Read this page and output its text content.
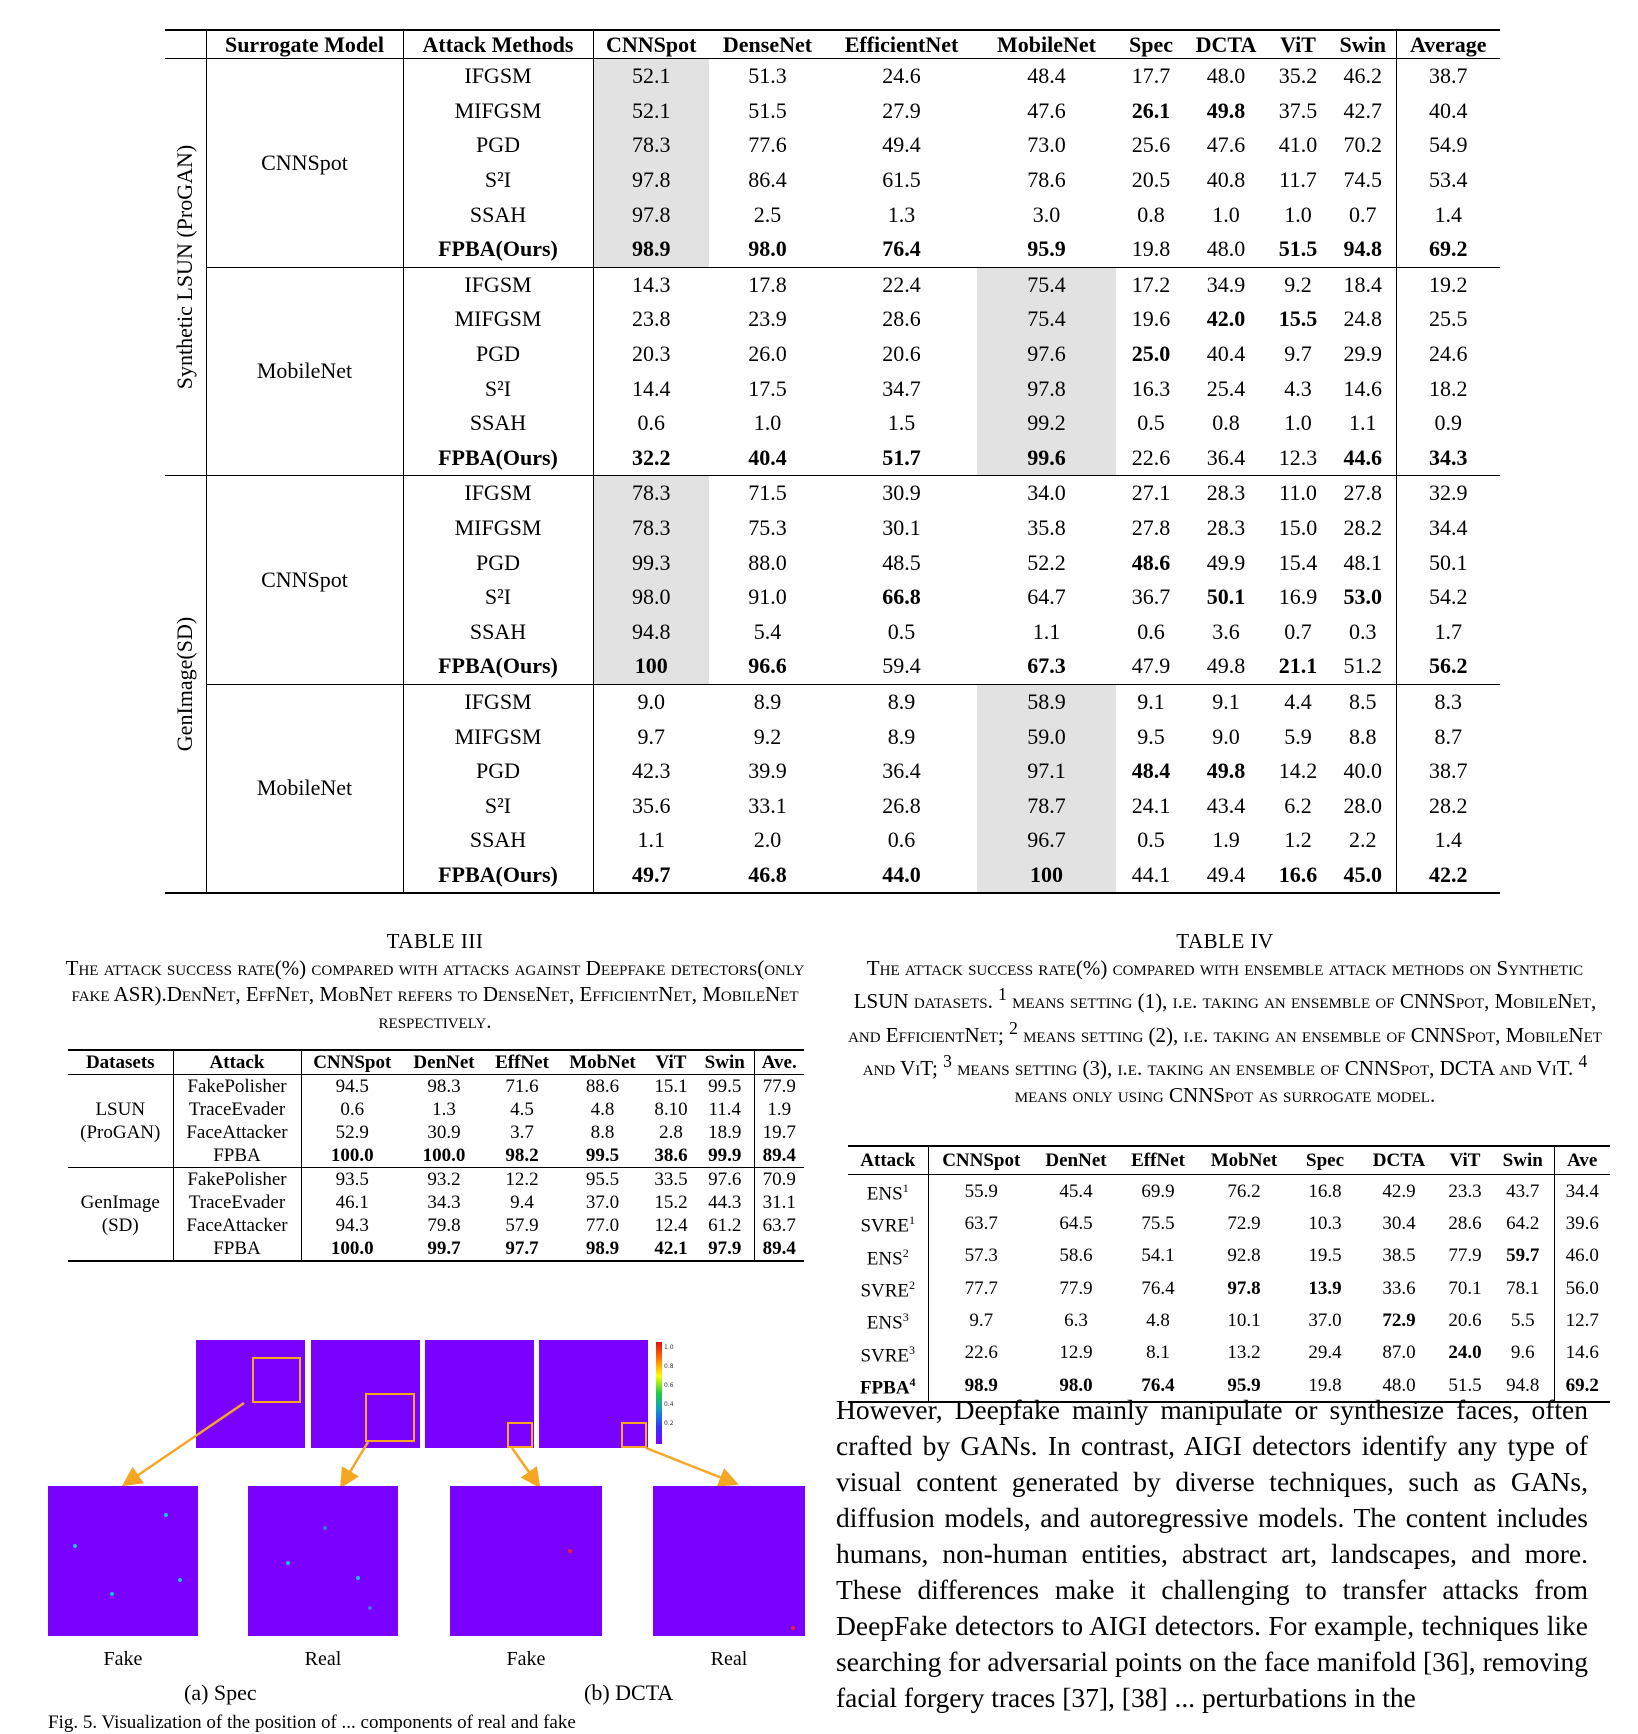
	Surrogate Model	Attack Methods	CNNSpot	DenseNet	EfficientNet	MobileNet	Spec	DCTA	ViT	Swin	Average

Synthetic LSUN (ProGAN)	CNNSpot	IFGSM	52.1	51.3	24.6	48.4	17.7	48.0	35.2	46.2	38.7
		MIFGSM	52.1	51.5	27.9	47.6	26.1	49.8	37.5	42.7	40.4
		PGD	78.3	77.6	49.4	73.0	25.6	47.6	41.0	70.2	54.9
		S²I	97.8	86.4	61.5	78.6	20.5	40.8	11.7	74.5	53.4
		SSAH	97.8	2.5	1.3	3.0	0.8	1.0	1.0	0.7	1.4
		FPBA(Ours)	98.9	98.0	76.4	95.9	19.8	48.0	51.5	94.8	69.2
	MobileNet	IFGSM	14.3	17.8	22.4	75.4	17.2	34.9	9.2	18.4	19.2
		MIFGSM	23.8	23.9	28.6	75.4	19.6	42.0	15.5	24.8	25.5
		PGD	20.3	26.0	20.6	97.6	25.0	40.4	9.7	29.9	24.6
		S²I	14.4	17.5	34.7	97.8	16.3	25.4	4.3	14.6	18.2
		SSAH	0.6	1.0	1.5	99.2	0.5	0.8	1.0	1.1	0.9
		FPBA(Ours)	32.2	40.4	51.7	99.6	22.6	36.4	12.3	44.6	34.3

GenImage(SD)	CNNSpot	IFGSM	78.3	71.5	30.9	34.0	27.1	28.3	11.0	27.8	32.9
		MIFGSM	78.3	75.3	30.1	35.8	27.8	28.3	15.0	28.2	34.4
		PGD	99.3	88.0	48.5	52.2	48.6	49.9	15.4	48.1	50.1
		S²I	98.0	91.0	66.8	64.7	36.7	50.1	16.9	53.0	54.2
		SSAH	94.8	5.4	0.5	1.1	0.6	3.6	0.7	0.3	1.7
		FPBA(Ours)	100	96.6	59.4	67.3	47.9	49.8	21.1	51.2	56.2
	MobileNet	IFGSM	9.0	8.9	8.9	58.9	9.1	9.1	4.4	8.5	8.3
		MIFGSM	9.7	9.2	8.9	59.0	9.5	9.0	5.9	8.8	8.7
		PGD	42.3	39.9	36.4	97.1	48.4	49.8	14.2	40.0	38.7
		S²I	35.6	33.1	26.8	78.7	24.1	43.4	6.2	28.0	28.2
		SSAH	1.1	2.0	0.6	96.7	0.5	1.9	1.2	2.2	1.4
		FPBA(Ours)	49.7	46.8	44.0	100	44.1	49.4	16.6	45.0	42.2
TABLE III
The attack success rate(%) compared with attacks against Deepfake detectors(only fake ASR).DenNet, EffNet, MobNet refers to DenseNet, EfficientNet, MobileNet respectively.
Datasets	Attack	CNNSpot	DenNet	EffNet	MobNet	ViT	Swin	Ave.

LSUN
(ProGAN)	FakePolisher	94.5	98.3	71.6	88.6	15.1	99.5	77.9
	TraceEvader	0.6	1.3	4.5	4.8	8.10	11.4	1.9
	FaceAttacker	52.9	30.9	3.7	8.8	2.8	18.9	19.7
	FPBA	100.0	100.0	98.2	99.5	38.6	99.9	89.4

GenImage
(SD)	FakePolisher	93.5	93.2	12.2	95.5	33.5	97.6	70.9
	TraceEvader	46.1	34.3	9.4	37.0	15.2	44.3	31.1
	FaceAttacker	94.3	79.8	57.9	77.0	12.4	61.2	63.7
	FPBA	100.0	99.7	97.7	98.9	42.1	97.9	89.4
TABLE IV
The attack success rate(%) compared with ensemble attack methods on Synthetic LSUN datasets. $^1$ means setting (1), i.e. taking an ensemble of CNNSpot, MobileNet, and EfficientNet; $^2$ means setting (2), i.e. taking an ensemble of CNNSpot, MobileNet and ViT; $^3$ means setting (3), i.e. taking an ensemble of CNNSpot, DCTA and ViT. $^4$ means only using CNNSpot as surrogate model.
Attack	CNNSpot	DenNet	EffNet	MobNet	Spec	DCTA	ViT	Swin	Ave
ENS$^1$	55.9	45.4	69.9	76.2	16.8	42.9	23.3	43.7	34.4
SVRE$^1$	63.7	64.5	75.5	72.9	10.3	30.4	28.6	64.2	39.6
ENS$^2$	57.3	58.6	54.1	92.8	19.5	38.5	77.9	59.7	46.0
SVRE$^2$	77.7	77.9	76.4	97.8	13.9	33.6	70.1	78.1	56.0
ENS$^3$	9.7	6.3	4.8	10.1	37.0	72.9	20.6	5.5	12.7
SVRE$^3$	22.6	12.9	8.1	13.2	29.4	87.0	24.0	9.6	14.6
FPBA$^4$	98.9	98.0	76.4	95.9	19.8	48.0	51.5	94.8	69.2
1.0
0.8
0.6
0.4
0.2
Fake	Real	Fake	Real
(a) Spec	(b) DCTA
Fig. 5. Visualization of the position of ... components of real and fake

However, Deepfake mainly manipulate or synthesize faces, often crafted by GANs. In contrast, AIGI detectors identify any type of visual content generated by diverse techniques, such as GANs, diffusion models, and autoregressive models. The content includes humans, non-human entities, abstract art, landscapes, and more. These differences make it challenging to transfer attacks from DeepFake detectors to AIGI detectors. For example, techniques like searching for adversarial points on the face manifold [36], removing facial forgery traces [37], [38] ... perturbations in the
